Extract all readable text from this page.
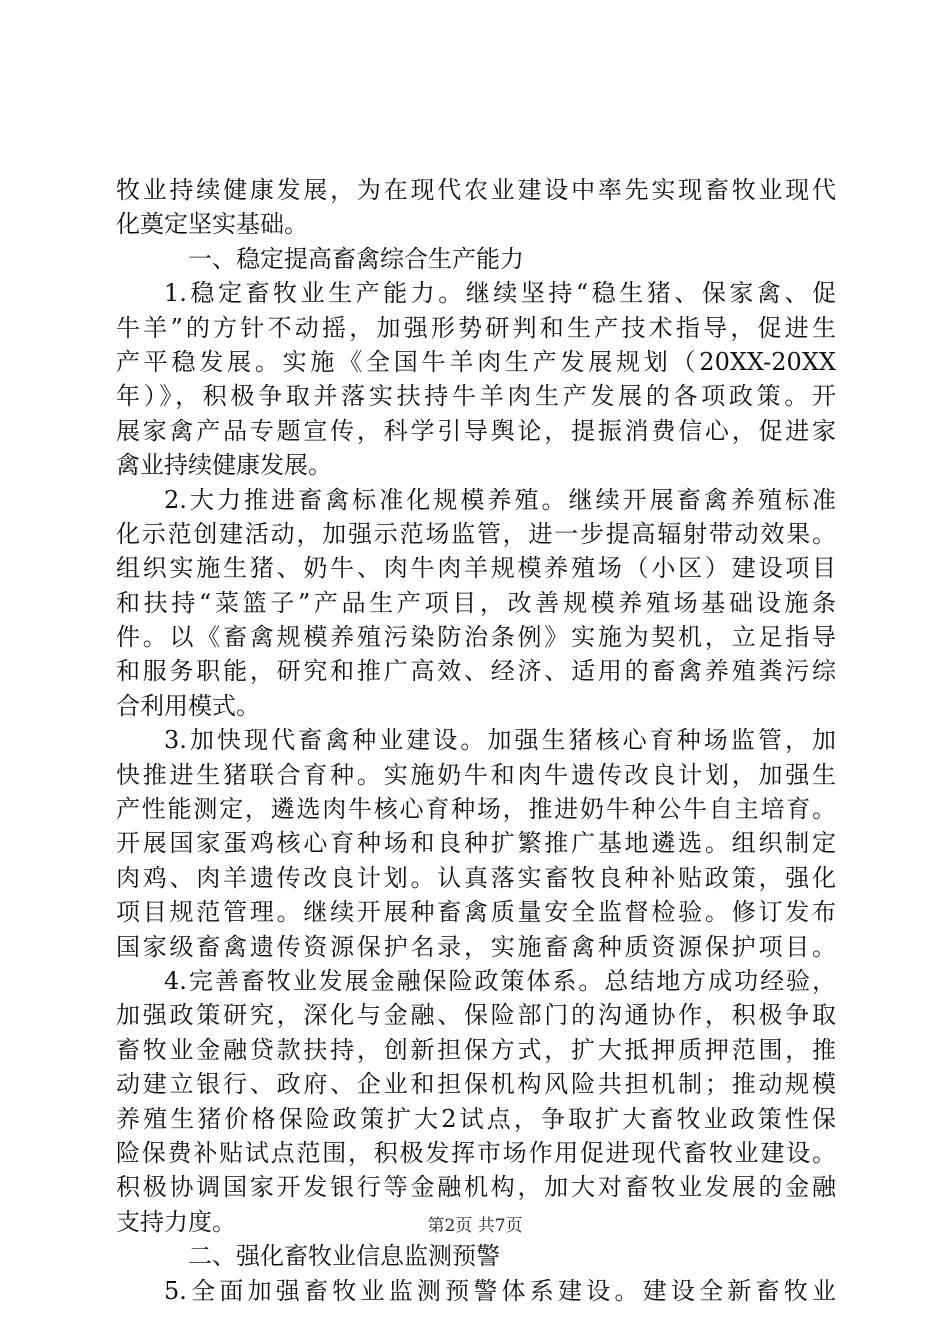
牧业持续健康发展，为在现代农业建设中率先实现畜牧业现代
化奠定坚实基础。
一、稳定提高畜禽综合生产能力
1.稳定畜牧业生产能力。继续坚持“稳生猪、保家禽、促
牛羊”的方针不动摇，加强形势研判和生产技术指导，促进生
产平稳发展。实施《全国牛羊肉生产发展规划（20XX-20XX
年）》，积极争取并落实扶持牛羊肉生产发展的各项政策。开
展家禽产品专题宣传，科学引导舆论，提振消费信心，促进家
禽业持续健康发展。
2.大力推进畜禽标准化规模养殖。继续开展畜禽养殖标准
化示范创建活动，加强示范场监管，进一步提高辐射带动效果。
组织实施生猪、奶牛、肉牛肉羊规模养殖场（小区）建设项目
和扶持“菜篮子”产品生产项目，改善规模养殖场基础设施条
件。以《畜禽规模养殖污染防治条例》实施为契机，立足指导
和服务职能，研究和推广高效、经济、适用的畜禽养殖粪污综
合利用模式。
3.加快现代畜禽种业建设。加强生猪核心育种场监管，加
快推进生猪联合育种。实施奶牛和肉牛遗传改良计划，加强生
产性能测定，遴选肉牛核心育种场，推进奶牛种公牛自主培育。
开展国家蛋鸡核心育种场和良种扩繁推广基地遴选。组织制定
肉鸡、肉羊遗传改良计划。认真落实畜牧良种补贴政策，强化
项目规范管理。继续开展种畜禽质量安全监督检验。修订发布
国家级畜禽遗传资源保护名录，实施畜禽种质资源保护项目。
4.完善畜牧业发展金融保险政策体系。总结地方成功经验，
加强政策研究，深化与金融、保险部门的沟通协作，积极争取
畜牧业金融贷款扶持，创新担保方式，扩大抵押质押范围，推
动建立银行、政府、企业和担保机构风险共担机制；推动规模
养殖生猪价格保险政策扩大2试点，争取扩大畜牧业政策性保
险保费补贴试点范围，积极发挥市场作用促进现代畜牧业建设。
积极协调国家开发银行等金融机构，加大对畜牧业发展的金融
支持力度。
二、强化畜牧业信息监测预警
5.全面加强畜牧业监测预警体系建设。建设全新畜牧业
第2页 共7页
